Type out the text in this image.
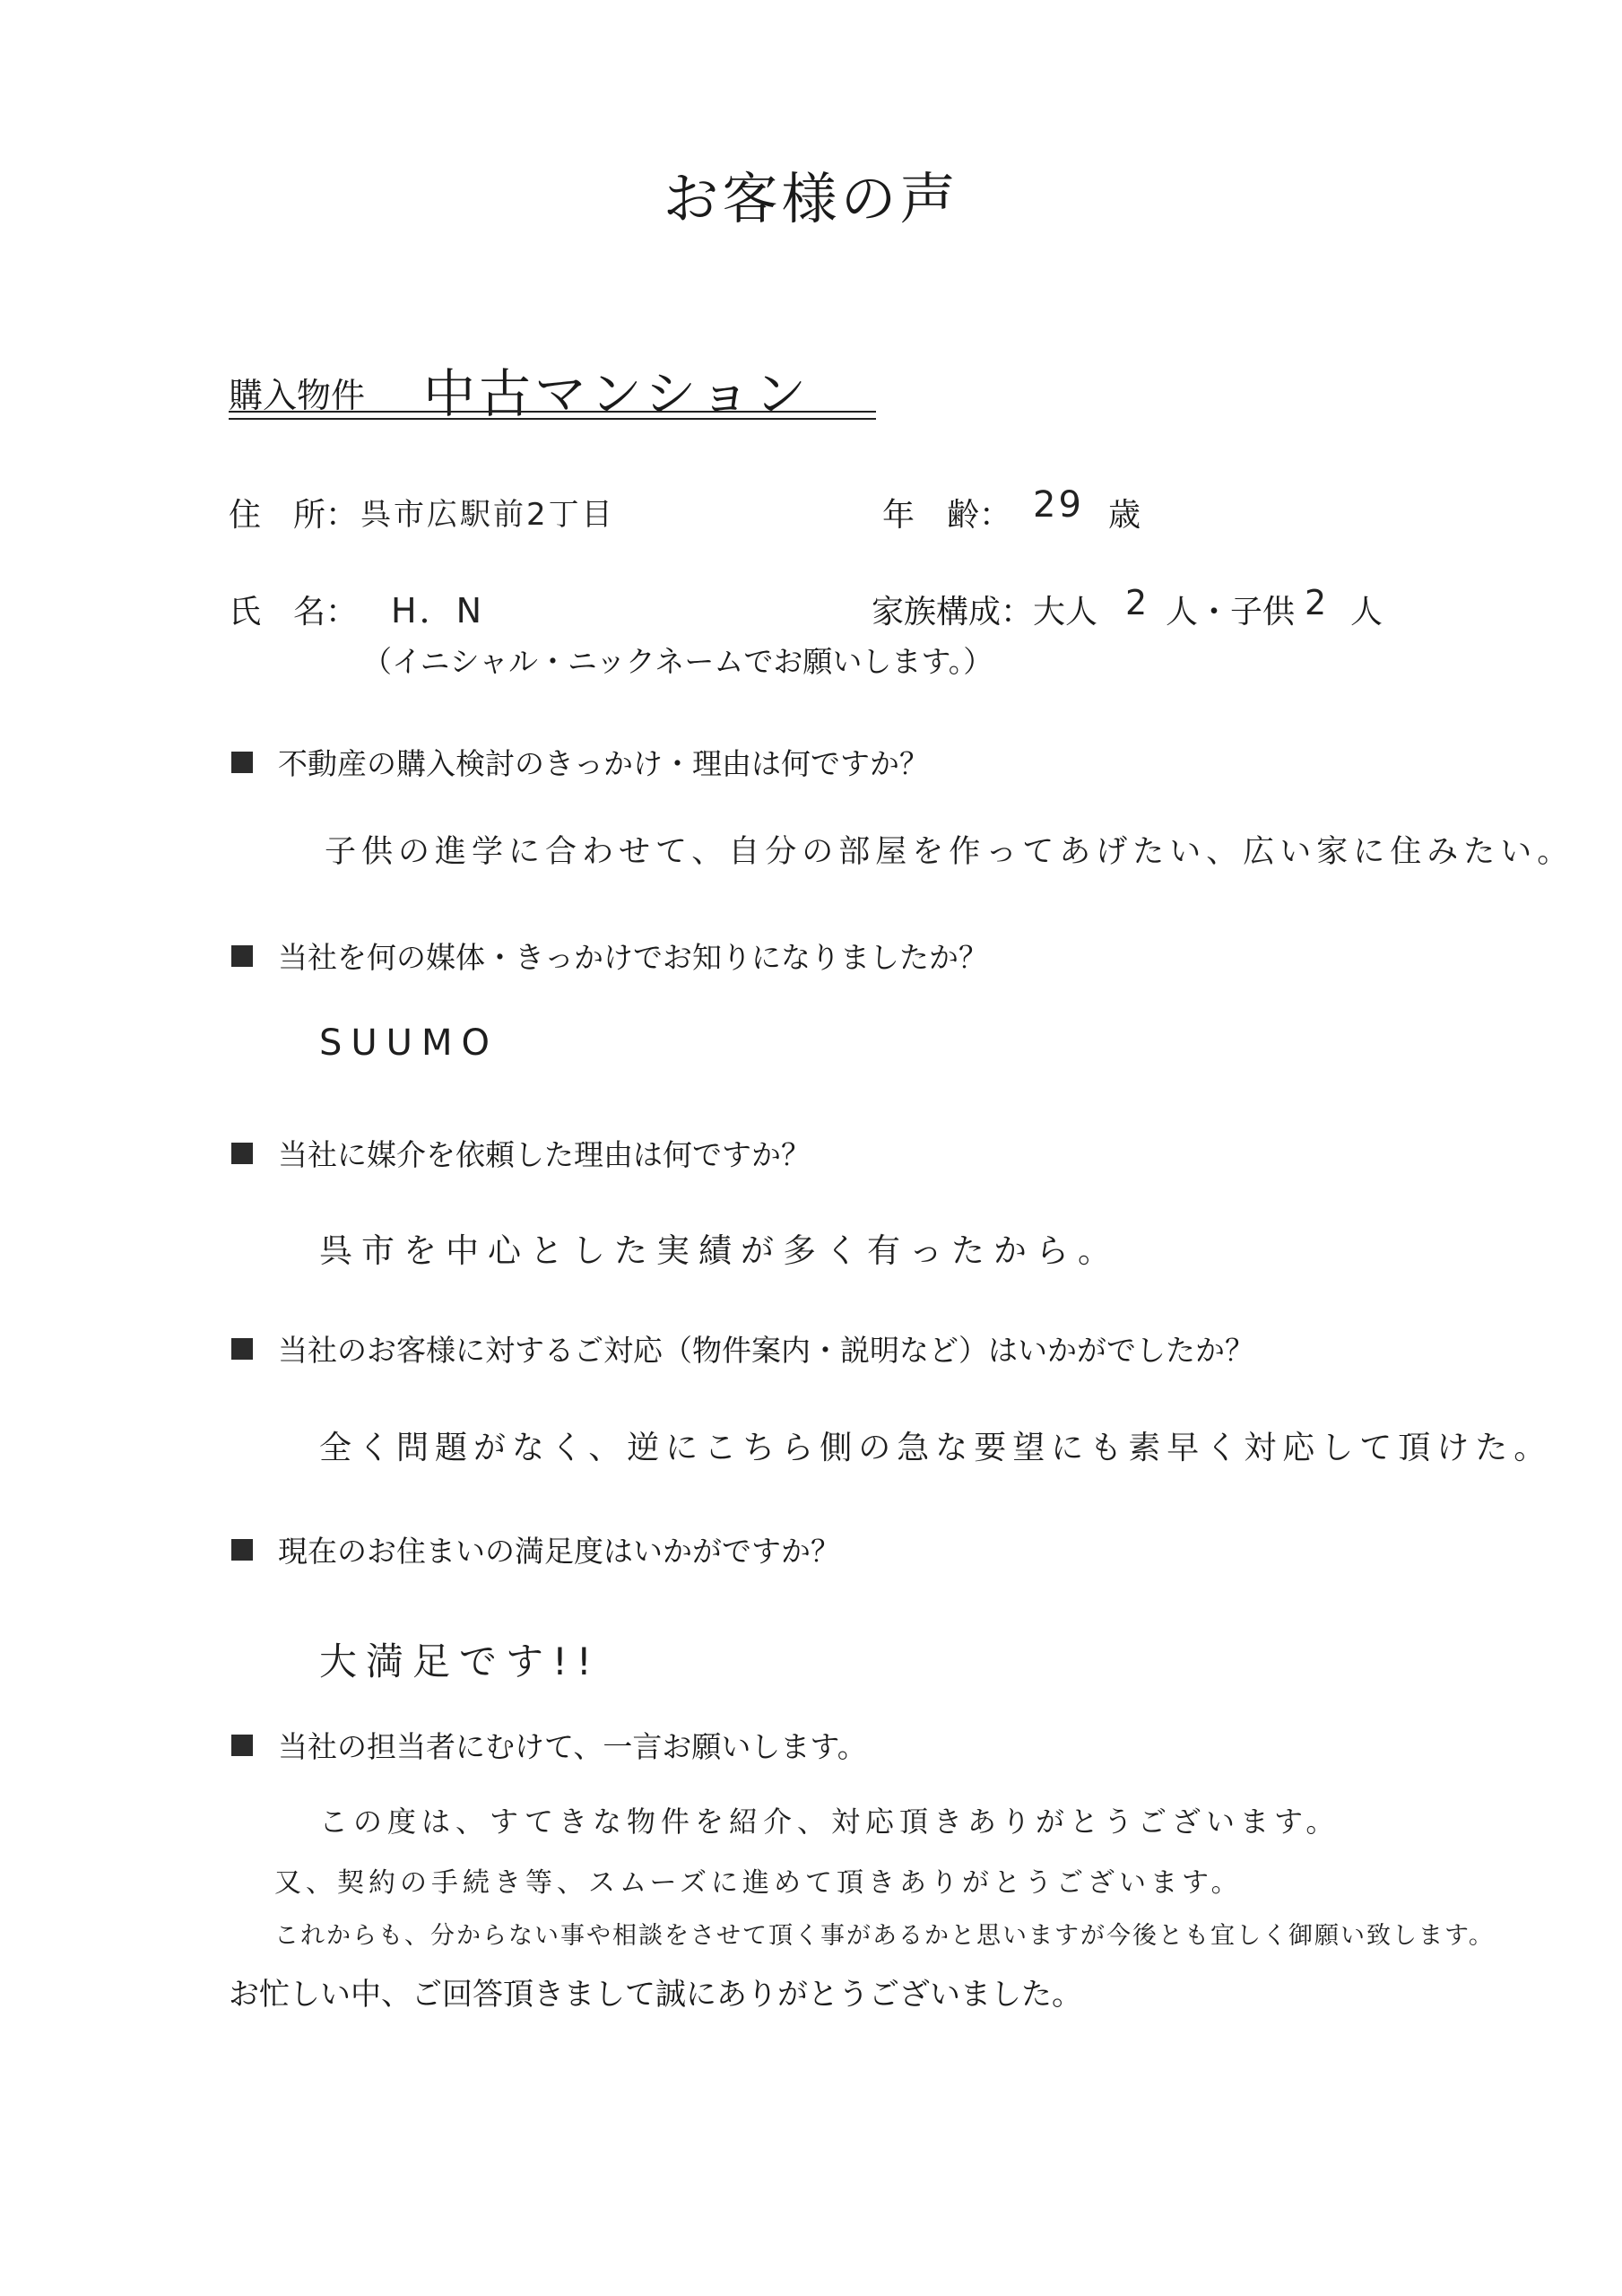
お客様の声
購入物件 中古マンション
住　所： 呉市広駅前2丁目	年　齢： 29 歳
氏　名： H．N	家族構成： 大人 2 人・子供 2 人
（イニシャル・ニックネームでお願いします。）
不動産の購入検討のきっかけ・理由は何ですか？
子供の進学に合わせて、自分の部屋を作ってあげたい、広い家に住みたい。
当社を何の媒体・きっかけでお知りになりましたか？
SUUMO
当社に媒介を依頼した理由は何ですか？
呉市を中心とした実績が多く有ったから。
当社のお客様に対するご対応（物件案内・説明など）はいかがでしたか？
全く問題がなく、逆にこちら側の急な要望にも素早く対応して頂けた。
現在のお住まいの満足度はいかがですか？
大満足です!!
当社の担当者にむけて、一言お願いします。
この度は、すてきな物件を紹介、対応頂きありがとうございます。
又、契約の手続き等、スムーズに進めて頂きありがとうございます。
これからも、分からない事や相談をさせて頂く事があるかと思いますが今後とも宜しく御願い致します。
お忙しい中、ご回答頂きまして誠にありがとうございました。
